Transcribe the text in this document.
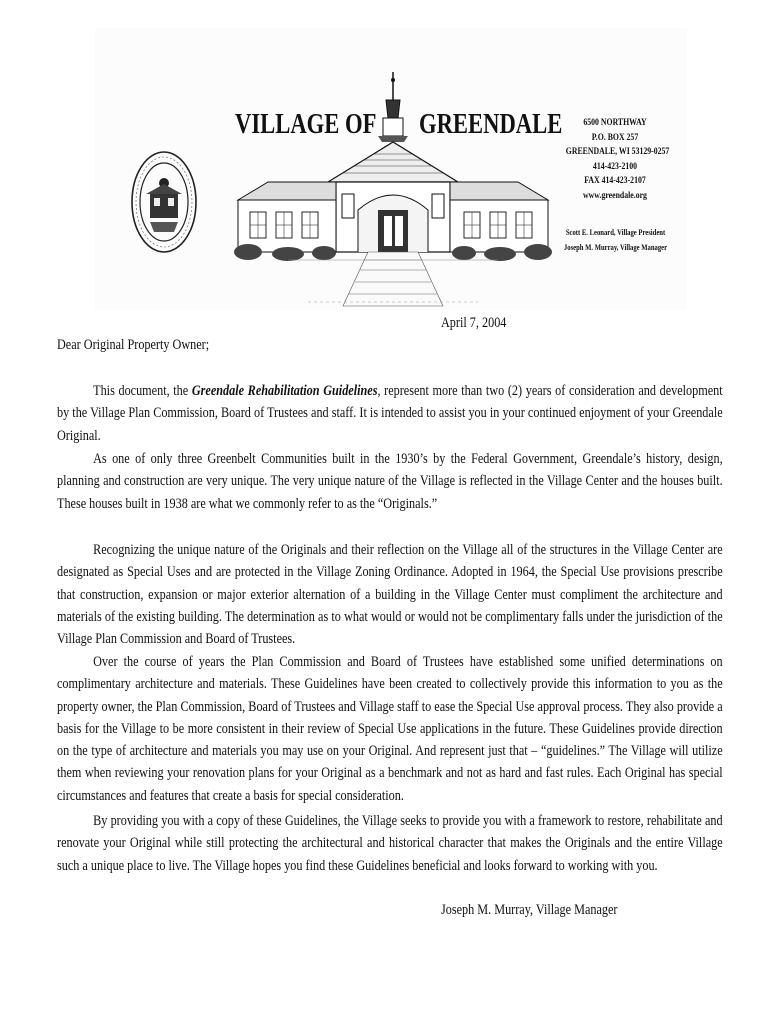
VILLAGE OF GREENDALE	6500 NORTHWAY
P.O. BOX 257
GREENDALE, WI 53129-0257
414-423-2100
FAX 414-423-2107
www.greendale.org
Scott E. Leonard, Village President
Joseph M. Murray, Village Manager
April 7, 2004
Dear Original Property Owner;
This document, the Greendale Rehabilitation Guidelines, represent more than two (2) years of consideration and development by the Village Plan Commission, Board of Trustees and staff. It is intended to assist you in your continued enjoyment of your Greendale Original.
As one of only three Greenbelt Communities built in the 1930’s by the Federal Government, Greendale’s history, design, planning and construction are very unique. The very unique nature of the Village is reflected in the Village Center and the houses built. These houses built in 1938 are what we commonly refer to as the “Originals.”
Recognizing the unique nature of the Originals and their reflection on the Village all of the structures in the Village Center are designated as Special Uses and are protected in the Village Zoning Ordinance. Adopted in 1964, the Special Use provisions prescribe that construction, expansion or major exterior alternation of a building in the Village Center must compliment the architecture and materials of the existing building. The determination as to what would or would not be complimentary falls under the jurisdiction of the Village Plan Commission and Board of Trustees.
Over the course of years the Plan Commission and Board of Trustees have established some unified determinations on complimentary architecture and materials. These Guidelines have been created to collectively provide this information to you as the property owner, the Plan Commission, Board of Trustees and Village staff to ease the Special Use approval process. They also provide a basis for the Village to be more consistent in their review of Special Use applications in the future. These Guidelines provide direction on the type of architecture and materials you may use on your Original. And represent just that – “guidelines.” The Village will utilize them when reviewing your renovation plans for your Original as a benchmark and not as hard and fast rules. Each Original has special circumstances and features that create a basis for special consideration.
By providing you with a copy of these Guidelines, the Village seeks to provide you with a framework to restore, rehabilitate and renovate your Original while still protecting the architectural and historical character that makes the Originals and the entire Village such a unique place to live. The Village hopes you find these Guidelines beneficial and looks forward to working with you.
Joseph M. Murray, Village Manager
